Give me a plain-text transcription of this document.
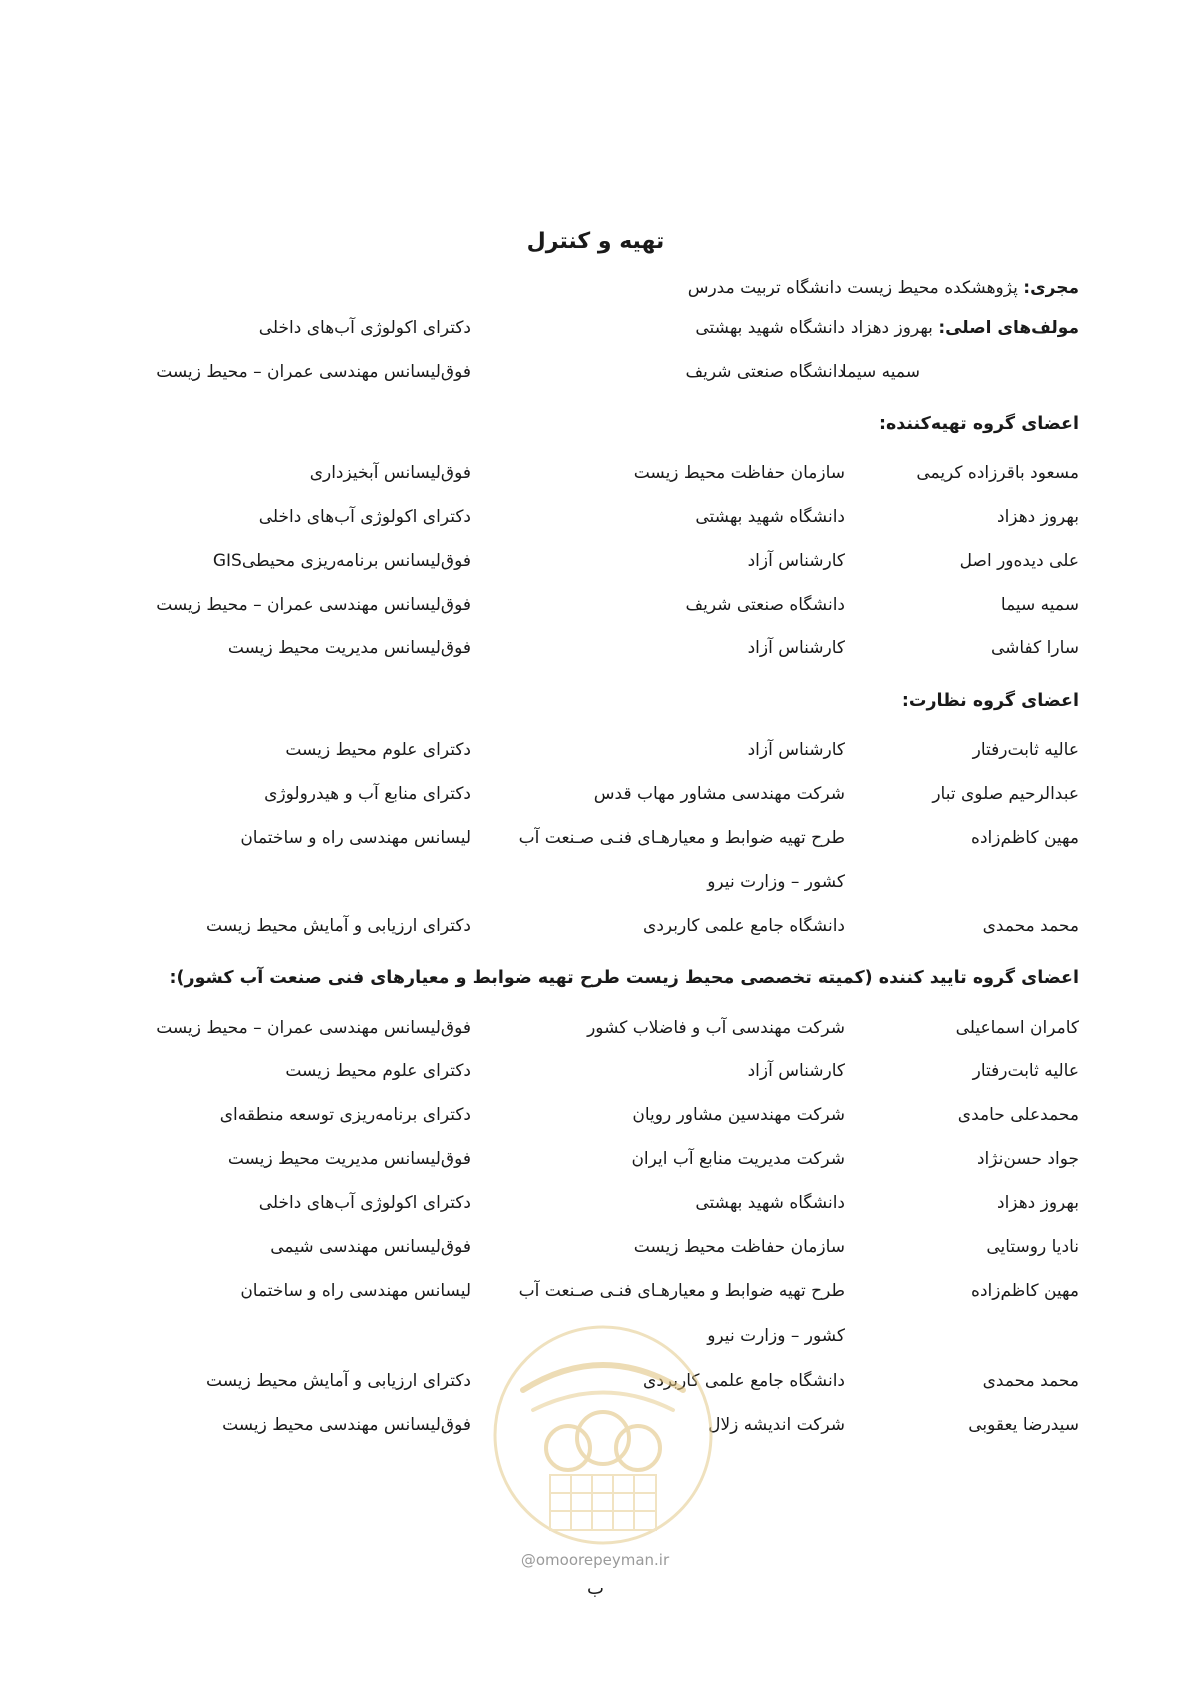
تهیه و کنترل
مجری: پژوهشکده محیط زیست دانشگاه تربیت مدرس
مولف‌های اصلی: بهروز دهزاد
دانشگاه شهید بهشتی
دکترای اکولوژی آب‌های داخلی
سمیه سیما
دانشگاه صنعتی شریف
فوق‌لیسانس مهندسی عمران – محیط زیست
اعضای گروه تهیه‌کننده:
مسعود باقرزاده کریمی
سازمان حفاظت محیط زیست
فوق‌لیسانس آبخیزداری
بهروز دهزاد
دانشگاه شهید بهشتی
دکترای اکولوژی آب‌های داخلی
علی دیده‌ور اصل
کارشناس آزاد
فوق‌لیسانس برنامه‌ریزی محیطیGIS
سمیه سیما
دانشگاه صنعتی شریف
فوق‌لیسانس مهندسی عمران – محیط زیست
سارا کفاشی
کارشناس آزاد
فوق‌لیسانس مدیریت محیط زیست
اعضای گروه نظارت:
عالیه ثابت‌رفتار
کارشناس آزاد
دکترای علوم محیط زیست
عبدالرحیم صلوی تبار
شرکت مهندسی مشاور مهاب قدس
دکترای منابع آب و هیدرولوژی
مهین کاظم‌زاده
طرح تهیه ضوابط و معیارهـای فنـی صـنعت آب
لیسانس مهندسی راه و ساختمان
کشور – وزارت نیرو
محمد محمدی
دانشگاه جامع علمی کاربردی
دکترای ارزیابی و آمایش محیط زیست
اعضای گروه تایید کننده (کمیته تخصصی محیط زیست طرح تهیه ضوابط و معیارهای فنی صنعت آب کشور):
کامران اسماعیلی
شرکت مهندسی آب و فاضلاب کشور
فوق‌لیسانس مهندسی عمران – محیط زیست
عالیه ثابت‌رفتار
کارشناس آزاد
دکترای علوم محیط زیست
محمدعلی حامدی
شرکت مهندسین مشاور رویان
دکترای برنامه‌ریزی توسعه منطقه‌ای
جواد حسن‌نژاد
شرکت مدیریت منابع آب ایران
فوق‌لیسانس مدیریت محیط زیست
بهروز دهزاد
دانشگاه شهید بهشتی
دکترای اکولوژی آب‌های داخلی
نادیا روستایی
سازمان حفاظت محیط زیست
فوق‌لیسانس مهندسی شیمی
مهین کاظم‌زاده
طرح تهیه ضوابط و معیارهـای فنـی صـنعت آب
لیسانس مهندسی راه و ساختمان
کشور – وزارت نیرو
محمد محمدی
دانشگاه جامع علمی کاربردی
دکترای ارزیابی و آمایش محیط زیست
سیدرضا یعقوبی
شرکت اندیشه زلال
فوق‌لیسانس مهندسی محیط زیست
@omoorepeyman.ir
ب
